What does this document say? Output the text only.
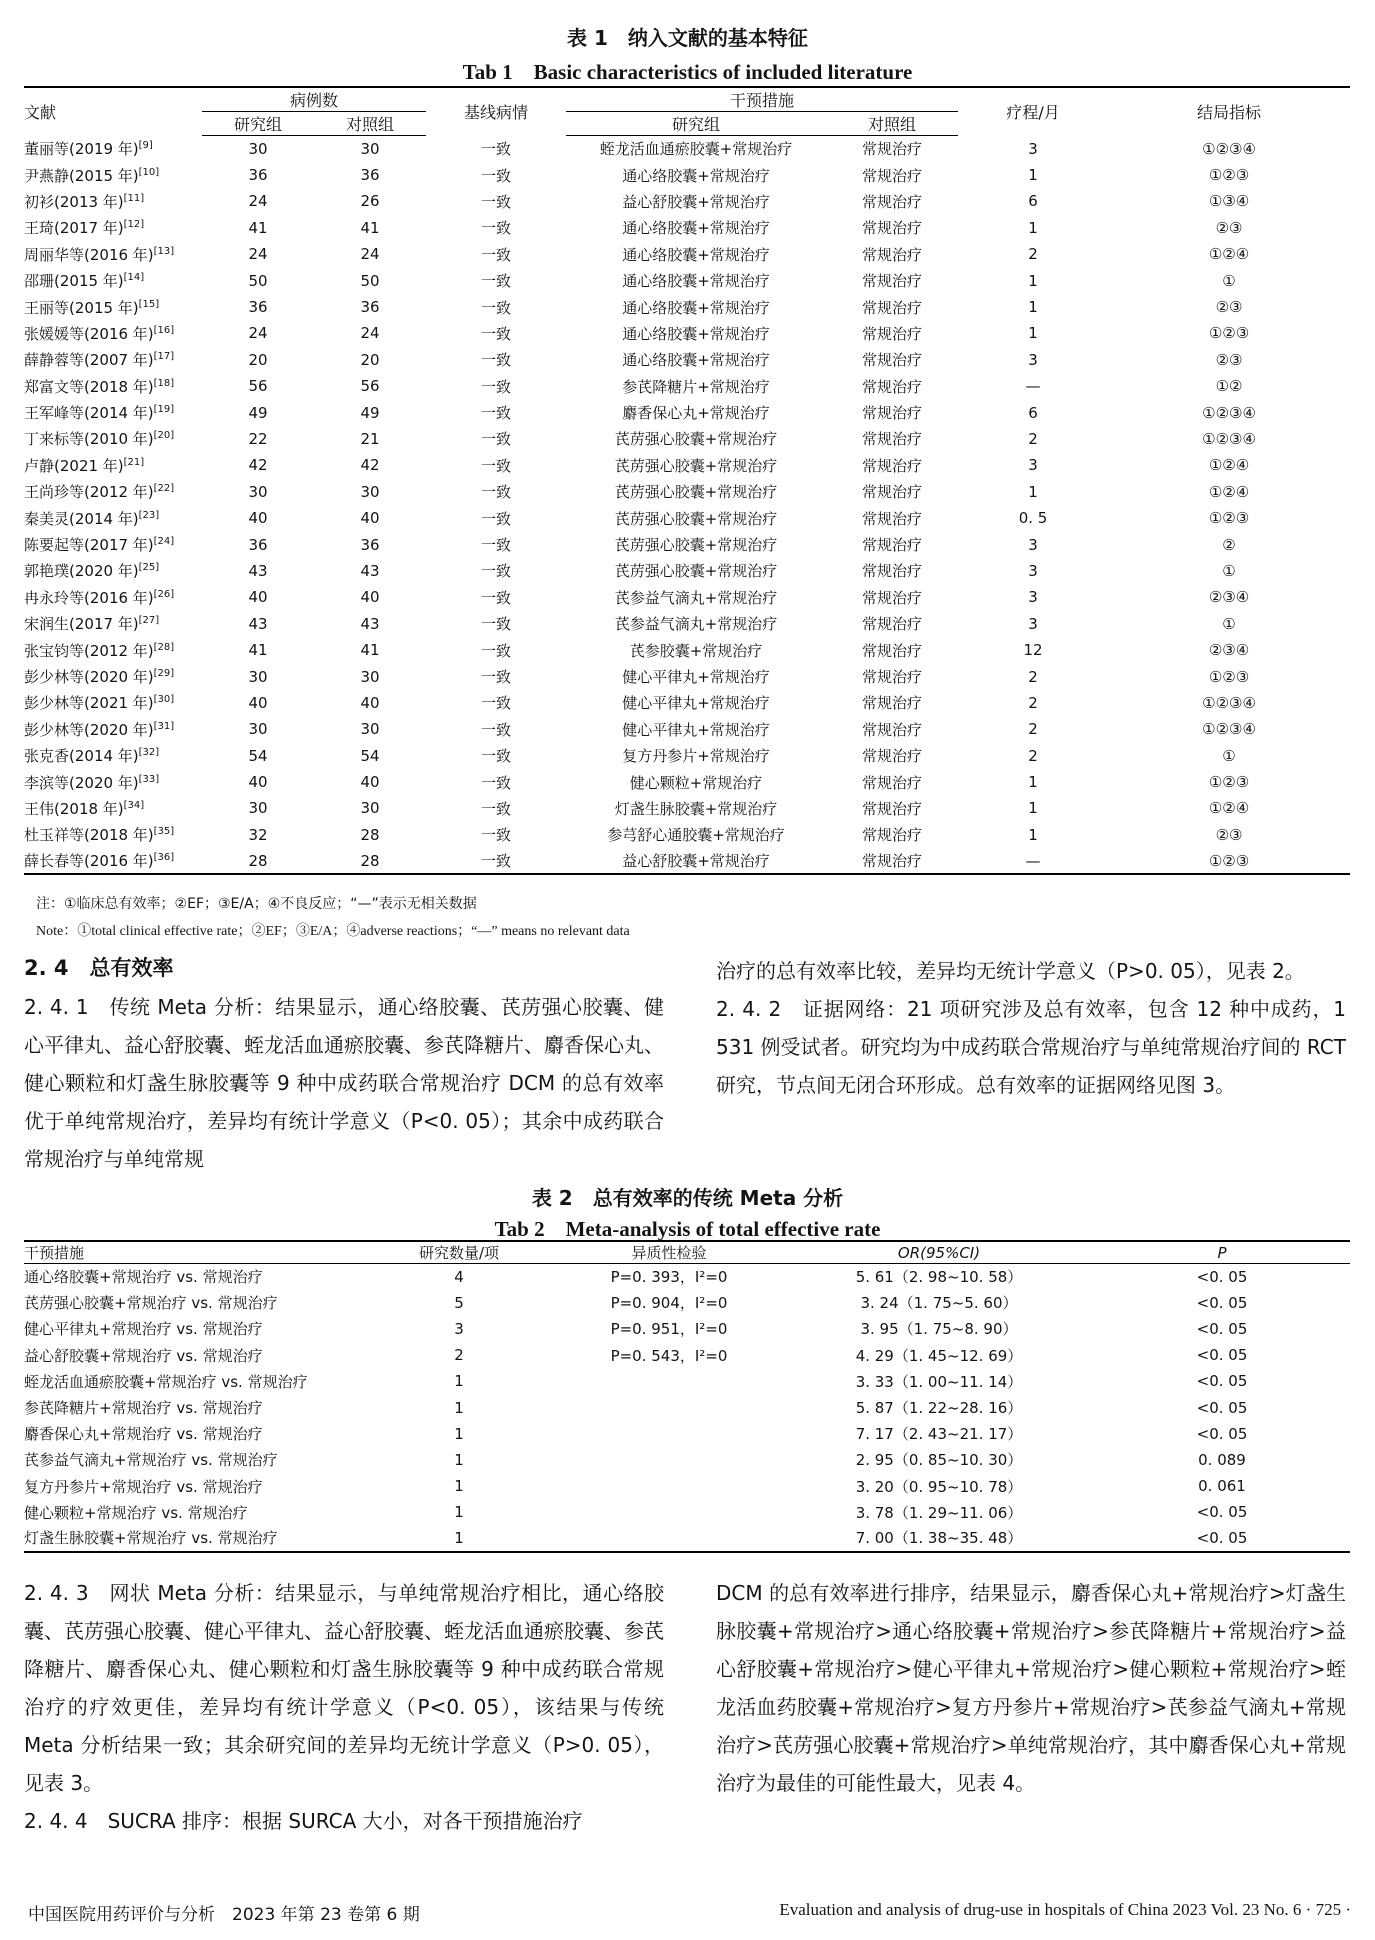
表 1　纳入文献的基本特征
Tab 1　Basic characteristics of included literature
文献	病例数		基线病情	干预措施		疗程/月	结局指标
	研究组	对照组		研究组	对照组		
董丽等(2019 年)[9]	30	30	一致	蛭龙活血通瘀胶囊+常规治疗	常规治疗	3	①②③④
尹燕静(2015 年)[10]	36	36	一致	通心络胶囊+常规治疗	常规治疗	1	①②③
初衫(2013 年)[11]	24	26	一致	益心舒胶囊+常规治疗	常规治疗	6	①③④
王琦(2017 年)[12]	41	41	一致	通心络胶囊+常规治疗	常规治疗	1	②③
周丽华等(2016 年)[13]	24	24	一致	通心络胶囊+常规治疗	常规治疗	2	①②④
邵珊(2015 年)[14]	50	50	一致	通心络胶囊+常规治疗	常规治疗	1	①
王丽等(2015 年)[15]	36	36	一致	通心络胶囊+常规治疗	常规治疗	1	②③
张媛媛等(2016 年)[16]	24	24	一致	通心络胶囊+常规治疗	常规治疗	1	①②③
薛静蓉等(2007 年)[17]	20	20	一致	通心络胶囊+常规治疗	常规治疗	3	②③
郑富文等(2018 年)[18]	56	56	一致	参芪降糖片+常规治疗	常规治疗	—	①②
王军峰等(2014 年)[19]	49	49	一致	麝香保心丸+常规治疗	常规治疗	6	①②③④
丁来标等(2010 年)[20]	22	21	一致	芪苈强心胶囊+常规治疗	常规治疗	2	①②③④
卢静(2021 年)[21]	42	42	一致	芪苈强心胶囊+常规治疗	常规治疗	3	①②④
王尚珍等(2012 年)[22]	30	30	一致	芪苈强心胶囊+常规治疗	常规治疗	1	①②④
秦美灵(2014 年)[23]	40	40	一致	芪苈强心胶囊+常规治疗	常规治疗	0. 5	①②③
陈要起等(2017 年)[24]	36	36	一致	芪苈强心胶囊+常规治疗	常规治疗	3	②
郭艳璞(2020 年)[25]	43	43	一致	芪苈强心胶囊+常规治疗	常规治疗	3	①
冉永玲等(2016 年)[26]	40	40	一致	芪参益气滴丸+常规治疗	常规治疗	3	②③④
宋润生(2017 年)[27]	43	43	一致	芪参益气滴丸+常规治疗	常规治疗	3	①
张宝钧等(2012 年)[28]	41	41	一致	芪参胶囊+常规治疗	常规治疗	12	②③④
彭少林等(2020 年)[29]	30	30	一致	健心平律丸+常规治疗	常规治疗	2	①②③
彭少林等(2021 年)[30]	40	40	一致	健心平律丸+常规治疗	常规治疗	2	①②③④
彭少林等(2020 年)[31]	30	30	一致	健心平律丸+常规治疗	常规治疗	2	①②③④
张克香(2014 年)[32]	54	54	一致	复方丹参片+常规治疗	常规治疗	2	①
李滨等(2020 年)[33]	40	40	一致	健心颗粒+常规治疗	常规治疗	1	①②③
王伟(2018 年)[34]	30	30	一致	灯盏生脉胶囊+常规治疗	常规治疗	1	①②④
杜玉祥等(2018 年)[35]	32	28	一致	参芎舒心通胶囊+常规治疗	常规治疗	1	②③
薛长春等(2016 年)[36]	28	28	一致	益心舒胶囊+常规治疗	常规治疗	—	①②③
注：①临床总有效率；②EF；③E/A；④不良反应；“—”表示无相关数据
Note：①total clinical effective rate；②EF；③E/A；④adverse reactions；“—” means no relevant data
2. 4　总有效率

2. 4. 1　传统 Meta 分析：结果显示，通心络胶囊、芪苈强心胶囊、健心平律丸、益心舒胶囊、蛭龙活血通瘀胶囊、参芪降糖片、麝香保心丸、健心颗粒和灯盏生脉胶囊等 9 种中成药联合常规治疗 DCM 的总有效率优于单纯常规治疗，差异均有统计学意义（P<0. 05）；其余中成药联合常规治疗与单纯常规

治疗的总有效率比较，差异均无统计学意义（P>0. 05），见表 2。

2. 4. 2　证据网络：21 项研究涉及总有效率，包含 12 种中成药，1 531 例受试者。研究均为中成药联合常规治疗与单纯常规治疗间的 RCT 研究，节点间无闭合环形成。总有效率的证据网络见图 3。

表 2　总有效率的传统 Meta 分析
Tab 2　Meta-analysis of total effective rate
干预措施	研究数量/项	异质性检验	OR(95%CI)	P
通心络胶囊+常规治疗 vs. 常规治疗	4	P=0. 393，I²=0	5. 61（2. 98~10. 58）	<0. 05
芪苈强心胶囊+常规治疗 vs. 常规治疗	5	P=0. 904，I²=0	3. 24（1. 75~5. 60）	<0. 05
健心平律丸+常规治疗 vs. 常规治疗	3	P=0. 951，I²=0	3. 95（1. 75~8. 90）	<0. 05
益心舒胶囊+常规治疗 vs. 常规治疗	2	P=0. 543，I²=0	4. 29（1. 45~12. 69）	<0. 05
蛭龙活血通瘀胶囊+常规治疗 vs. 常规治疗	1		3. 33（1. 00~11. 14）	<0. 05
参芪降糖片+常规治疗 vs. 常规治疗	1		5. 87（1. 22~28. 16）	<0. 05
麝香保心丸+常规治疗 vs. 常规治疗	1		7. 17（2. 43~21. 17）	<0. 05
芪参益气滴丸+常规治疗 vs. 常规治疗	1		2. 95（0. 85~10. 30）	0. 089
复方丹参片+常规治疗 vs. 常规治疗	1		3. 20（0. 95~10. 78）	0. 061
健心颗粒+常规治疗 vs. 常规治疗	1		3. 78（1. 29~11. 06）	<0. 05
灯盏生脉胶囊+常规治疗 vs. 常规治疗	1		7. 00（1. 38~35. 48）	<0. 05

2. 4. 3　网状 Meta 分析：结果显示，与单纯常规治疗相比，通心络胶囊、芪苈强心胶囊、健心平律丸、益心舒胶囊、蛭龙活血通瘀胶囊、参芪降糖片、麝香保心丸、健心颗粒和灯盏生脉胶囊等 9 种中成药联合常规治疗的疗效更佳，差异均有统计学意义（P<0. 05），该结果与传统 Meta 分析结果一致；其余研究间的差异均无统计学意义（P>0. 05），见表 3。

2. 4. 4　SUCRA 排序：根据 SURCA 大小，对各干预措施治疗

DCM 的总有效率进行排序，结果显示，麝香保心丸+常规治疗>灯盏生脉胶囊+常规治疗>通心络胶囊+常规治疗>参芪降糖片+常规治疗>益心舒胶囊+常规治疗>健心平律丸+常规治疗>健心颗粒+常规治疗>蛭龙活血药胶囊+常规治疗>复方丹参片+常规治疗>芪参益气滴丸+常规治疗>芪苈强心胶囊+常规治疗>单纯常规治疗，其中麝香保心丸+常规治疗为最佳的可能性最大，见表 4。

中国医院用药评价与分析　2023 年第 23 卷第 6 期	Evaluation and analysis of drug-use in hospitals of China 2023 Vol. 23 No. 6 · 725 ·
